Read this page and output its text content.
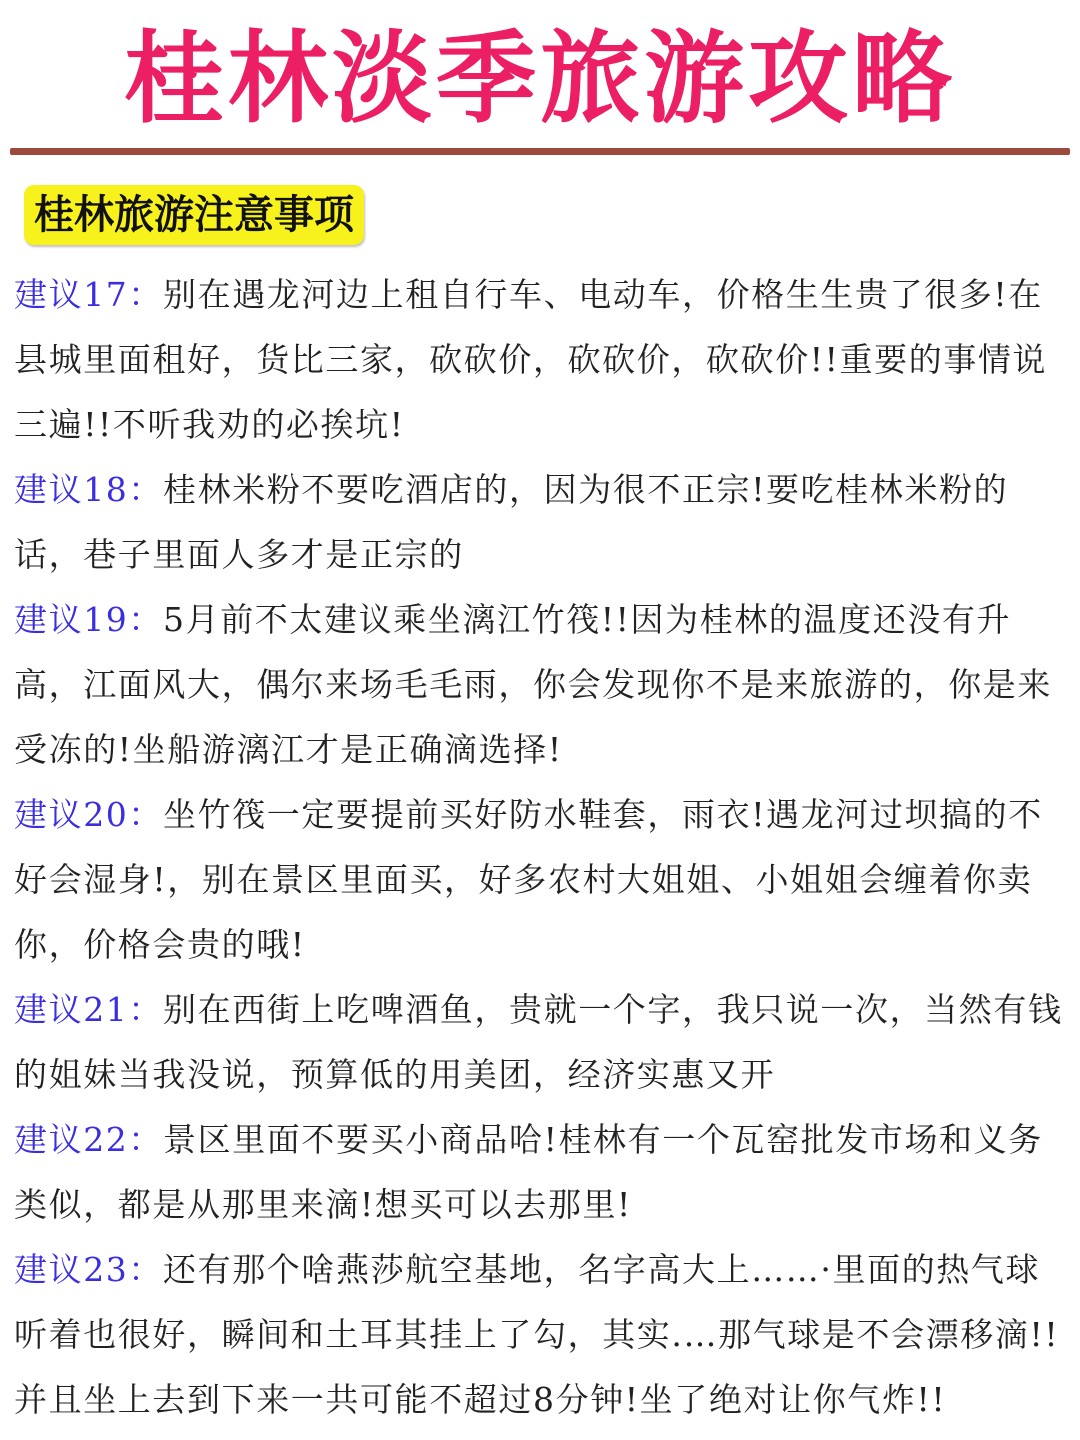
桂林淡季旅游攻略
桂林旅游注意事项

建议17：别在遇龙河边上租自行车、电动车，价格生生贵了很多!在县城里面租好，货比三家，砍砍价，砍砍价，砍砍价!!重要的事情说三遍!!不听我劝的必挨坑!

建议18：桂林米粉不要吃酒店的，因为很不正宗!要吃桂林米粉的话，巷子里面人多才是正宗的

建议19：5月前不太建议乘坐漓江竹筏!!因为桂林的温度还没有升高，江面风大，偶尔来场毛毛雨，你会发现你不是来旅游的，你是来受冻的!坐船游漓江才是正确滴选择!

建议20：坐竹筏一定要提前买好防水鞋套，雨衣!遇龙河过坝搞的不好会湿身!，别在景区里面买，好多农村大姐姐、小姐姐会缠着你卖你，价格会贵的哦!

建议21：别在西街上吃啤酒鱼，贵就一个字，我只说一次，当然有钱的姐妹当我没说，预算低的用美团，经济实惠又开

建议22：景区里面不要买小商品哈!桂林有一个瓦窑批发市场和义务类似，都是从那里来滴!想买可以去那里!

建议23：还有那个啥燕莎航空基地，名字高大上……·里面的热气球听着也很好，瞬间和土耳其挂上了勾，其实.…那气球是不会漂移滴!!并且坐上去到下来一共可能不超过8分钟!坐了绝对让你气炸!!
